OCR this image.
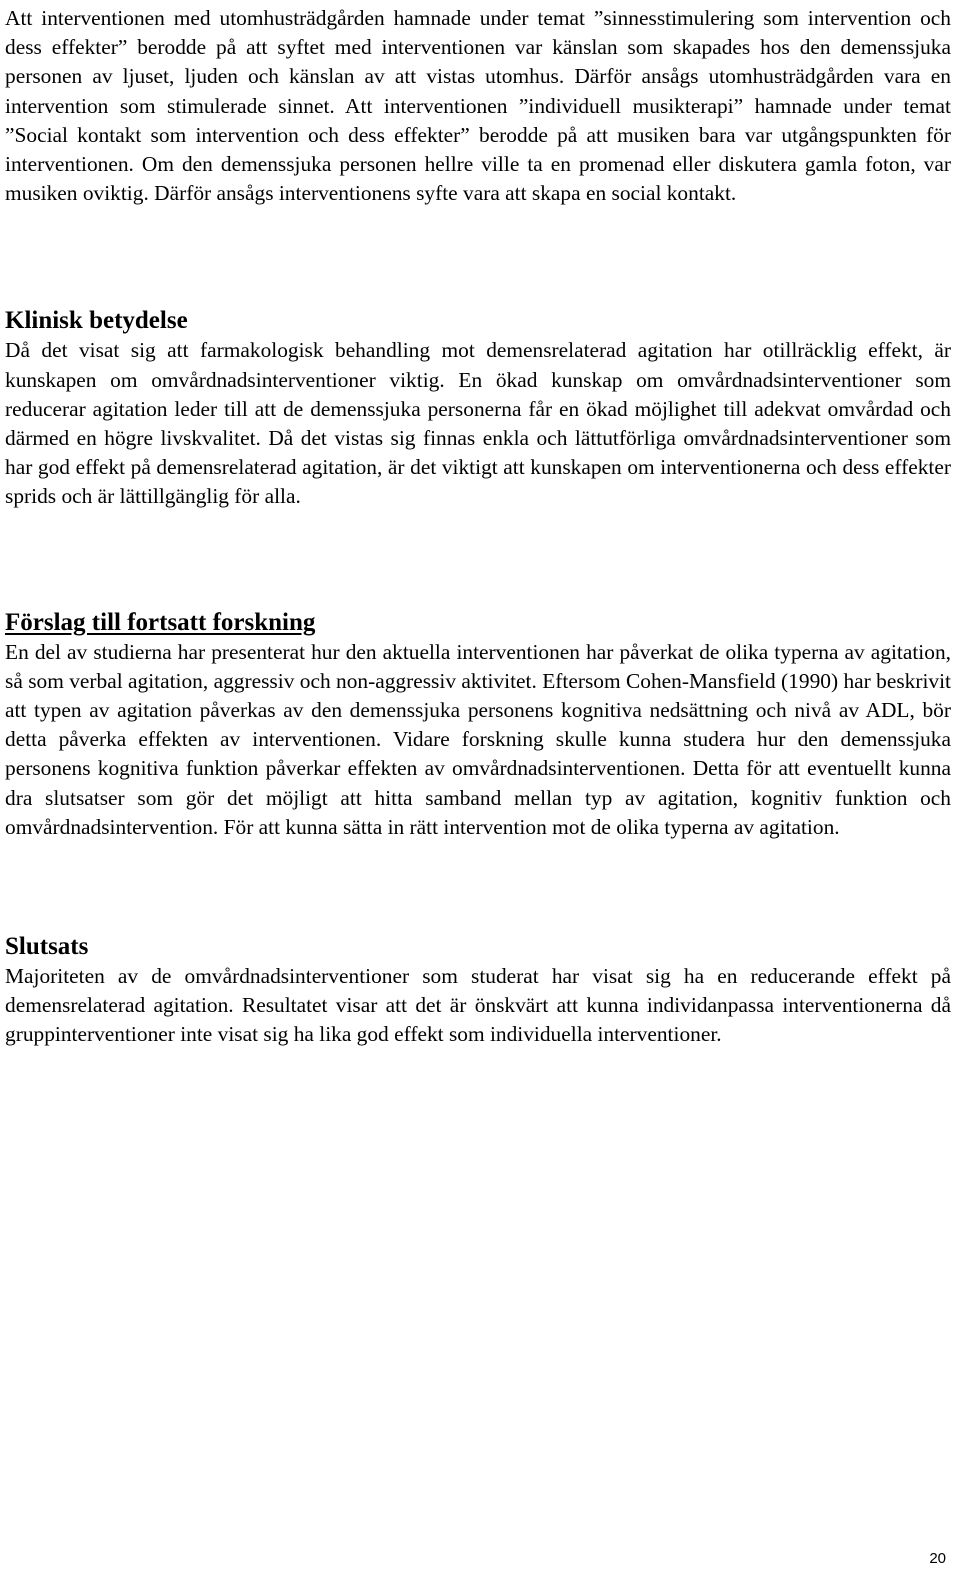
Att interventionen med utomhusträdgården hamnade under temat ”sinnesstimulering som intervention och dess effekter” berodde på att syftet med interventionen var känslan som skapades hos den demenssjuka personen av ljuset, ljuden och känslan av att vistas utomhus. Därför ansågs utomhusträdgården vara en intervention som stimulerade sinnet. Att interventionen ”individuell musikterapi” hamnade under temat ”Social kontakt som intervention och dess effekter” berodde på att musiken bara var utgångspunkten för interventionen. Om den demenssjuka personen hellre ville ta en promenad eller diskutera gamla foton, var musiken oviktig. Därför ansågs interventionens syfte vara att skapa en social kontakt.

Klinisk betydelse

Då det visat sig att farmakologisk behandling mot demensrelaterad agitation har otillräcklig effekt, är kunskapen om omvårdnadsinterventioner viktig. En ökad kunskap om omvårdnadsinterventioner som reducerar agitation leder till att de demenssjuka personerna får en ökad möjlighet till adekvat omvårdad och därmed en högre livskvalitet. Då det vistas sig finnas enkla och lättutförliga omvårdnadsinterventioner som har god effekt på demensrelaterad agitation, är det viktigt att kunskapen om interventionerna och dess effekter sprids och är lättillgänglig för alla.

Förslag till fortsatt forskning

En del av studierna har presenterat hur den aktuella interventionen har påverkat de olika typerna av agitation, så som verbal agitation, aggressiv och non-aggressiv aktivitet. Eftersom Cohen-Mansfield (1990) har beskrivit att typen av agitation påverkas av den demenssjuka personens kognitiva nedsättning och nivå av ADL, bör detta påverka effekten av interventionen. Vidare forskning skulle kunna studera hur den demenssjuka personens kognitiva funktion påverkar effekten av omvårdnadsinterventionen. Detta för att eventuellt kunna dra slutsatser som gör det möjligt att hitta samband mellan typ av agitation, kognitiv funktion och omvårdnadsintervention. För att kunna sätta in rätt intervention mot de olika typerna av agitation.

Slutsats

Majoriteten av de omvårdnadsinterventioner som studerat har visat sig ha en reducerande effekt på demensrelaterad agitation. Resultatet visar att det är önskvärt att kunna individanpassa interventionerna då gruppinterventioner inte visat sig ha lika god effekt som individuella interventioner.

20
